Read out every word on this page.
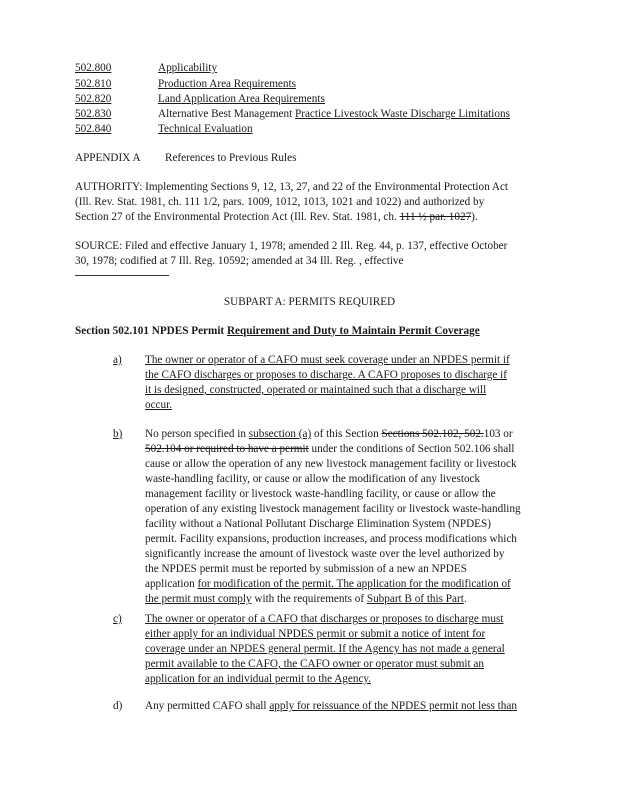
502.800	Applicability
502.810	Production Area Requirements
502.820	Land Application Area Requirements
502.830	Alternative Best Management Practice Livestock Waste Discharge Limitations
502.840	Technical Evaluation
APPENDIX A References to Previous Rules
AUTHORITY: Implementing Sections 9, 12, 13, 27, and 22 of the Environmental Protection Act
(Ill. Rev. Stat. 1981, ch. 111 1/2, pars. 1009, 1012, 1013, 1021 and 1022) and authorized by
Section 27 of the Environmental Protection Act (Ill. Rev. Stat. 1981, ch. 111 ½ par. 1027).
SOURCE: Filed and effective January 1, 1978; amended 2 Ill. Reg. 44, p. 137, effective October
30, 1978; codified at 7 Ill. Reg. 10592; amended at 34 Ill. Reg. , effective
SUBPART A: PERMITS REQUIRED
Section 502.101 NPDES Permit Requirement and Duty to Maintain Permit Coverage
a) The owner or operator of a CAFO must seek coverage under an NPDES permit if
the CAFO discharges or proposes to discharge. A CAFO proposes to discharge if
it is designed, constructed, operated or maintained such that a discharge will
occur.
b) No person specified in subsection (a) of this Section Sections 502.102, 502.103 or
502.104 or required to have a permit under the conditions of Section 502.106 shall
cause or allow the operation of any new livestock management facility or livestock
waste-handling facility, or cause or allow the modification of any livestock
management facility or livestock waste-handling facility, or cause or allow the
operation of any existing livestock management facility or livestock waste-handling
facility without a National Pollutant Discharge Elimination System (NPDES)
permit. Facility expansions, production increases, and process modifications which
significantly increase the amount of livestock waste over the level authorized by
the NPDES permit must be reported by submission of a new an NPDES
application for modification of the permit. The application for the modification of
the permit must comply with the requirements of Subpart B of this Part.
c) The owner or operator of a CAFO that discharges or proposes to discharge must
either apply for an individual NPDES permit or submit a notice of intent for
coverage under an NPDES general permit. If the Agency has not made a general
permit available to the CAFO, the CAFO owner or operator must submit an
application for an individual permit to the Agency.
d) Any permitted CAFO shall apply for reissuance of the NPDES permit not less than
